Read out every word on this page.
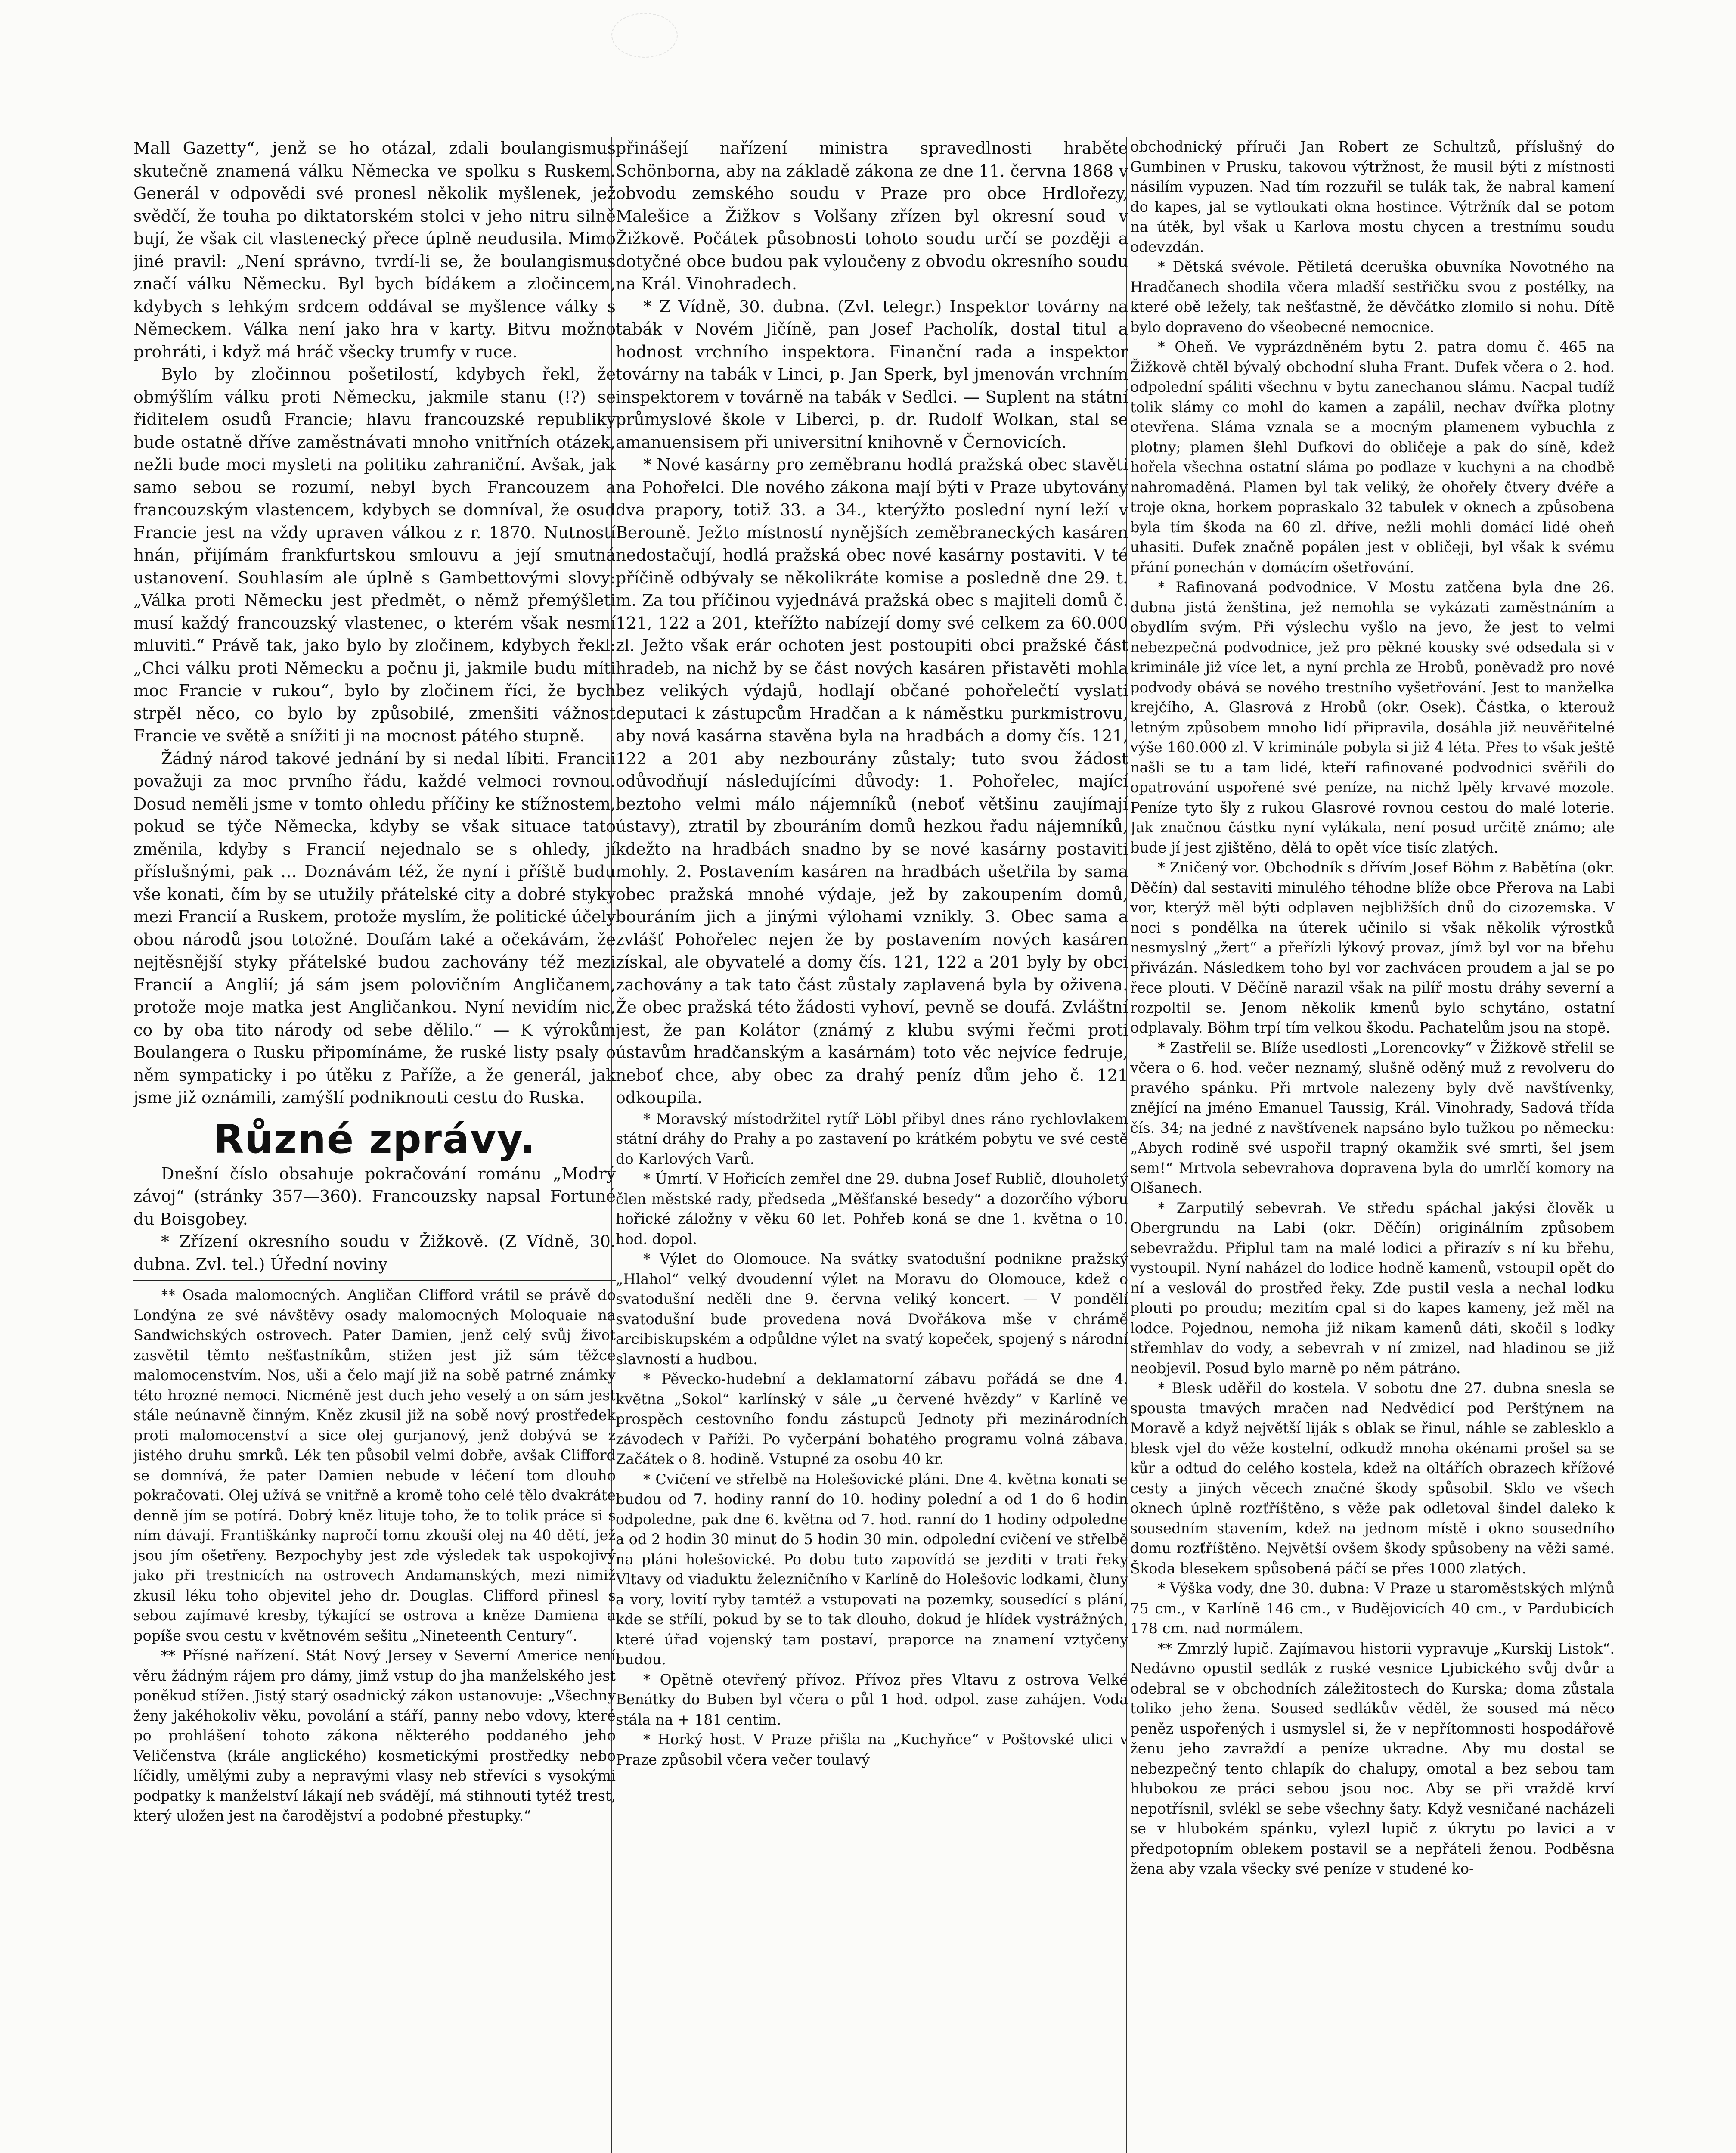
Mall Gazetty“, jenž se ho otázal, zdali boulangismus skutečně znamená válku Německa ve spolku s Ruskem. Generál v odpovědi své pronesl několik myšlenek, jež svědčí, že touha po diktatorském stolci v jeho nitru silně bují, že však cit vlastenecký přece úplně neudusila. Mimo jiné pravil: „Není správno, tvrdí-li se, že boulangismus značí válku Německu. Byl bych bídákem a zločincem, kdybych s lehkým srdcem oddával se myšlence války s Německem. Válka není jako hra v karty. Bitvu možno prohráti, i když má hráč všecky trumfy v ruce.

Bylo by zločinnou pošetilostí, kdybych řekl, že obmýšlím válku proti Německu, jakmile stanu (!?) se řiditelem osudů Francie; hlavu francouzské republiky bude ostatně dříve zaměstnávati mnoho vnitřních otázek, nežli bude moci mysleti na politiku zahraniční. Avšak, jak samo sebou se rozumí, nebyl bych Francouzem a francouzským vlastencem, kdybych se domníval, že osud Francie jest na vždy upraven válkou z r. 1870. Nutností hnán, přijímám frankfurtskou smlouvu a její smutná ustanovení. Souhlasím ale úplně s Gambettovými slovy: „Válka proti Německu jest předmět, o němž přemýšleti musí každý francouzský vlastenec, o kterém však nesmí mluviti.“ Právě tak, jako bylo by zločinem, kdybych řekl: „Chci válku proti Německu a počnu ji, jakmile budu míti moc Francie v rukou“, bylo by zločinem říci, že bych strpěl něco, co bylo by způsobilé, zmenšiti vážnost Francie ve světě a snížiti ji na mocnost pátého stupně.

Žádný národ takové jednání by si nedal líbiti. Francii považuji za moc prvního řádu, každé velmoci rovnou. Dosud neměli jsme v tomto ohledu příčiny ke stížnostem, pokud se týče Německa, kdyby se však situace tato změnila, kdyby s Francií nejednalo se s ohledy, jí příslušnými, pak … Doznávám též, že nyní i příště budu vše konati, čím by se utužily přátelské city a dobré styky mezi Francií a Ruskem, protože myslím, že politické účely obou národů jsou totožné. Doufám také a očekávám, že nejtěsnější styky přátelské budou zachovány též mezi Francií a Anglií; já sám jsem polovičním Angličanem, protože moje matka jest Angličankou. Nyní nevidím nic, co by oba tito národy od sebe dělilo.“ — K výrokům Boulangera o Rusku připomínáme, že ruské listy psaly o něm sympaticky i po útěku z Paříže, a že generál, jak jsme již oznámili, zamýšlí podniknouti cestu do Ruska.

Různé zprávy.

Dnešní číslo obsahuje pokračování románu „Modrý závoj“ (stránky 357—360). Francouzsky napsal Fortuné du Boisgobey.

* Zřízení okresního soudu v Žižkově. (Z Vídně, 30. dubna. Zvl. tel.) Úřední noviny

** Osada malomocných. Angličan Clifford vrátil se právě do Londýna ze své návštěvy osady malomocných Moloquaie na Sandwichských ostrovech. Pater Damien, jenž celý svůj život zasvětil těmto nešťastníkům, stižen jest již sám těžce malomocenstvím. Nos, uši a čelo mají již na sobě patrné známky této hrozné nemoci. Nicméně jest duch jeho veselý a on sám jest stále neúnavně činným. Kněz zkusil již na sobě nový prostředek proti malomocenství a sice olej gurjanový, jenž dobývá se z jistého druhu smrků. Lék ten působil velmi dobře, avšak Clifford se domnívá, že pater Damien nebude v léčení tom dlouho pokračovati. Olej užívá se vnitřně a kromě toho celé tělo dvakráte denně jím se potírá. Dobrý kněz lituje toho, že to tolik práce si s ním dávají. Františkánky napročí tomu zkouší olej na 40 dětí, jež jsou jím ošetřeny. Bezpochyby jest zde výsledek tak uspokojivý jako při trestnicích na ostrovech Andamanských, mezi nimiž zkusil léku toho objevitel jeho dr. Douglas. Clifford přinesl s sebou zajímavé kresby, týkající se ostrova a kněze Damiena a popíše svou cestu v květnovém sešitu „Nineteenth Century“.

** Přísné nařízení. Stát Nový Jersey v Severní Americe není věru žádným rájem pro dámy, jimž vstup do jha manželského jest poněkud stížen. Jistý starý osadnický zákon ustanovuje: „Všechny ženy jakéhokoliv věku, povolání a stáří, panny nebo vdovy, které po prohlášení tohoto zákona některého poddaného jeho Veličenstva (krále anglického) kosmetickými prostředky nebo líčidly, umělými zuby a nepravými vlasy neb střevíci s vysokými podpatky k manželství lákají neb svádějí, má stihnouti tytéž trest, který uložen jest na čarodějství a podobné přestupky.“

přinášejí nařízení ministra spravedlnosti hraběte Schönborna, aby na základě zákona ze dne 11. června 1868 v obvodu zemského soudu v Praze pro obce Hrdlořezy, Malešice a Žižkov s Volšany zřízen byl okresní soud v Žižkově. Počátek působnosti tohoto soudu určí se později a dotyčné obce budou pak vyloučeny z obvodu okresního soudu na Král. Vinohradech.

* Z Vídně, 30. dubna. (Zvl. telegr.) Inspektor továrny na tabák v Novém Jičíně, pan Josef Pacholík, dostal titul a hodnost vrchního inspektora. Finanční rada a inspektor továrny na tabák v Linci, p. Jan Sperk, byl jmenován vrchním inspektorem v továrně na tabák v Sedlci. — Suplent na státní průmyslové škole v Liberci, p. dr. Rudolf Wolkan, stal se amanuensisem při universitní knihovně v Černovicích.

* Nové kasárny pro zeměbranu hodlá pražská obec stavěti na Pohořelci. Dle nového zákona mají býti v Praze ubytovány dva prapory, totiž 33. a 34., kterýžto poslední nyní leží v Berouně. Ježto místností nynějších zeměbraneckých kasáren nedostačují, hodlá pražská obec nové kasárny postaviti. V té příčině odbývaly se několikráte komise a posledně dne 29. t. m. Za tou příčinou vyjednává pražská obec s majiteli domů č. 121, 122 a 201, kteřížto nabízejí domy své celkem za 60.000 zl. Ježto však erár ochoten jest postoupiti obci pražské část hradeb, na nichž by se část nových kasáren přistavěti mohla bez velikých výdajů, hodlají občané pohořelečtí vyslati deputaci k zástupcům Hradčan a k náměstku purkmistrovu, aby nová kasárna stavěna byla na hradbách a domy čís. 121, 122 a 201 aby nezbourány zůstaly; tuto svou žádost odůvodňují následujícími důvody: 1. Pohořelec, mající beztoho velmi málo nájemníků (neboť většinu zaujímají ústavy), ztratil by zbouráním domů hezkou řadu nájemníků, kdežto na hradbách snadno by se nové kasárny postaviti mohly. 2. Postavením kasáren na hradbách ušetřila by sama obec pražská mnohé výdaje, jež by zakoupením domů, bouráním jich a jinými výlohami vznikly. 3. Obec sama a zvlášť Pohořelec nejen že by postavením nových kasáren získal, ale obyvatelé a domy čís. 121, 122 a 201 byly by obci zachovány a tak tato část zůstaly zaplavená byla by oživena. Že obec pražská této žádosti vyhoví, pevně se doufá. Zvláštní jest, že pan Kolátor (známý z klubu svými řečmi proti ústavům hradčanským a kasárnám) toto věc nejvíce fedruje, neboť chce, aby obec za drahý peníz dům jeho č. 121 odkoupila.

* Moravský místodržitel rytíř Löbl přibyl dnes ráno rychlovlakem státní dráhy do Prahy a po zastavení po krátkém pobytu ve své cestě do Karlových Varů.

* Úmrtí. V Hořicích zemřel dne 29. dubna Josef Rublič, dlouholetý člen městské rady, předseda „Měšťanské besedy“ a dozorčího výboru hořické záložny v věku 60 let. Pohřeb koná se dne 1. května o 10. hod. dopol.

* Výlet do Olomouce. Na svátky svatodušní podnikne pražský „Hlahol“ velký dvoudenní výlet na Moravu do Olomouce, kdež o svatodušní neděli dne 9. června veliký koncert. — V pondělí svatodušní bude provedena nová Dvořákova mše v chrámě arcibiskupském a odpůldne výlet na svatý kopeček, spojený s národní slavností a hudbou.

* Pěvecko-hudební a deklamatorní zábavu pořádá se dne 4. května „Sokol“ karlínský v sále „u červené hvězdy“ v Karlíně ve prospěch cestovního fondu zástupců Jednoty při mezinárodních závodech v Paříži. Po vyčerpání bohatého programu volná zábava. Začátek o 8. hodině. Vstupné za osobu 40 kr.

* Cvičení ve střelbě na Holešovické pláni. Dne 4. května konati se budou od 7. hodiny ranní do 10. hodiny polední a od 1 do 6 hodin odpoledne, pak dne 6. května od 7. hod. ranní do 1 hodiny odpoledne a od 2 hodin 30 minut do 5 hodin 30 min. odpolední cvičení ve střelbě na pláni holešovické. Po dobu tuto zapovídá se jezditi v trati řeky Vltavy od viaduktu železničního v Karlíně do Holešovic lodkami, čluny a vory, lovití ryby tamtéž a vstupovati na pozemky, sousedící s plání, kde se střílí, pokud by se to tak dlouho, dokud je hlídek vystrážných, které úřad vojenský tam postaví, praporce na znamení vztyčeny budou.

* Opětně otevřený přívoz. Přívoz přes Vltavu z ostrova Velké Benátky do Buben byl včera o půl 1 hod. odpol. zase zahájen. Voda stála na + 181 centim.

* Horký host. V Praze přišla na „Kuchyňce“ v Poštovské ulici v Praze způsobil včera večer toulavý

obchodnický příruči Jan Robert ze Schultzů, příslušný do Gumbinen v Prusku, takovou výtržnost, že musil býti z místnosti násilím vypuzen. Nad tím rozzuřil se tulák tak, že nabral kamení do kapes, jal se vytloukati okna hostince. Výtržník dal se potom na útěk, byl však u Karlova mostu chycen a trestnímu soudu odevzdán.

* Dětská svévole. Pětiletá dceruška obuvníka Novotného na Hradčanech shodila včera mladší sestřičku svou z postélky, na které obě ležely, tak nešťastně, že děvčátko zlomilo si nohu. Dítě bylo dopraveno do všeobecné nemocnice.

* Oheň. Ve vyprázdněném bytu 2. patra domu č. 465 na Žižkově chtěl bývalý obchodní sluha Frant. Dufek včera o 2. hod. odpolední spáliti všechnu v bytu zanechanou slámu. Nacpal tudíž tolik slámy co mohl do kamen a zapálil, nechav dvířka plotny otevřena. Sláma vznala se a mocným plamenem vybuchla z plotny; plamen šlehl Dufkovi do obličeje a pak do síně, kdež hořela všechna ostatní sláma po podlaze v kuchyni a na chodbě nahromaděná. Plamen byl tak veliký, že ohořely čtvery dvéře a troje okna, horkem popraskalo 32 tabulek v oknech a způsobena byla tím škoda na 60 zl. dříve, nežli mohli domácí lidé oheň uhasiti. Dufek značně popálen jest v obličeji, byl však k svému přání ponechán v domácím ošetřování.

* Rafinovaná podvodnice. V Mostu zatčena byla dne 26. dubna jistá ženština, jež nemohla se vykázati zaměstnáním a obydlím svým. Při výslechu vyšlo na jevo, že jest to velmi nebezpečná podvodnice, jež pro pěkné kousky své odsedala si v kriminále již více let, a nyní prchla ze Hrobů, poněvadž pro nové podvody obává se nového trestního vyšetřování. Jest to manželka krejčího, A. Glasrová z Hrobů (okr. Osek). Částka, o kterouž letným způsobem mnoho lidí připravila, dosáhla již neuvěřitelné výše 160.000 zl. V kriminále pobyla si již 4 léta. Přes to však ještě našli se tu a tam lidé, kteří rafinované podvodnici svěřili do opatrování uspořené své peníze, na nichž lpěly krvavé mozole. Peníze tyto šly z rukou Glasrové rovnou cestou do malé loterie. Jak značnou částku nyní vylákala, není posud určitě známo; ale bude jí jest zjištěno, dělá to opět více tisíc zlatých.

* Zničený vor. Obchodník s dřívím Josef Böhm z Babětína (okr. Děčín) dal sestaviti minulého téhodne blíže obce Přerova na Labi vor, kterýž měl býti odplaven nejbližších dnů do cizozemska. V noci s pondělka na úterek učinilo si však několik výrostků nesmyslný „žert“ a přeřízli lýkový provaz, jímž byl vor na břehu přivázán. Následkem toho byl vor zachvácen proudem a jal se po řece plouti. V Děčíně narazil však na pilíř mostu dráhy severní a rozpoltil se. Jenom několik kmenů bylo schytáno, ostatní odplavaly. Böhm trpí tím velkou škodu. Pachatelům jsou na stopě.

* Zastřelil se. Blíže usedlosti „Lorencovky“ v Žižkově střelil se včera o 6. hod. večer neznamý, slušně oděný muž z revolveru do pravého spánku. Při mrtvole nalezeny byly dvě navštívenky, znějící na jméno Emanuel Taussig, Král. Vinohrady, Sadová třída čís. 34; na jedné z navštívenek napsáno bylo tužkou po německu: „Abych rodině své uspořil trapný okamžik své smrti, šel jsem sem!“ Mrtvola sebevrahova dopravena byla do umrlčí komory na Olšanech.

* Zarputilý sebevrah. Ve středu spáchal jakýsi člověk u Obergrundu na Labi (okr. Děčín) originálním způsobem sebevraždu. Připlul tam na malé lodici a přirazív s ní ku břehu, vystoupil. Nyní naházel do lodice hodně kamenů, vstoupil opět do ní a veslovál do prostřed řeky. Zde pustil vesla a nechal lodku plouti po proudu; mezitím cpal si do kapes kameny, jež měl na lodce. Pojednou, nemoha již nikam kamenů dáti, skočil s lodky střemhlav do vody, a sebevrah v ní zmizel, nad hladinou se již neobjevil. Posud bylo marně po něm pátráno.

* Blesk uděřil do kostela. V sobotu dne 27. dubna snesla se spousta tmavých mračen nad Nedvědicí pod Perštýnem na Moravě a když největší liják s oblak se řinul, náhle se zablesklo a blesk vjel do věže kostelní, odkudž mnoha okénami prošel sa se kůr a odtud do celého kostela, kdež na oltářích obrazech křížové cesty a jiných věcech značné škody spůsobil. Sklo ve všech oknech úplně rozťříštěno, s věže pak odletoval šindel daleko k sousedním stavením, kdež na jednom místě i okno sousedního domu rozťříštěno. Největší ovšem škody spůsobeny na věži samé. Škoda blesekem spůsobená páčí se přes 1000 zlatých.

* Výška vody, dne 30. dubna: V Praze u staroměstských mlýnů 75 cm., v Karlíně 146 cm., v Budějovicích 40 cm., v Pardubicích 178 cm. nad normálem.

** Zmrzlý lupič. Zajímavou historii vypravuje „Kurskij Listok“. Nedávno opustil sedlák z ruské vesnice Ljubického svůj dvůr a odebral se v obchodních záležitostech do Kurska; doma zůstala toliko jeho žena. Soused sedlákův věděl, že soused má něco peněz uspořených i usmyslel si, že v nepřítomnosti hospodářově ženu jeho zavraždí a peníze ukradne. Aby mu dostal se nebezpečný tento chlapík do chalupy, omotal a bez sebou tam hlubokou ze práci sebou jsou noc. Aby se při vraždě krví nepotřísnil, svlékl se sebe všechny šaty. Když vesničané nacházeli se v hlubokém spánku, vylezl lupič z úkrytu po lavici a v předpotopním oblekem postavil se a nepřáteli ženou. Podběsna žena aby vzala všecky své peníze v studené ko-
